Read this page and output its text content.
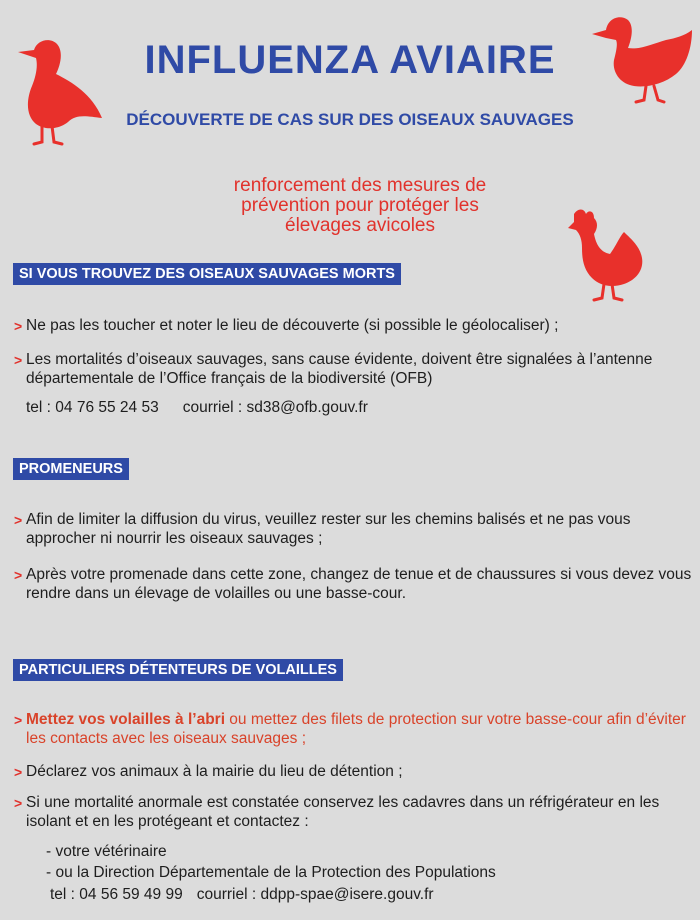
INFLUENZA AVIAIRE
DÉCOUVERTE DE CAS SUR DES OISEAUX SAUVAGES
renforcement des mesures de
prévention pour protéger les
élevages avicoles
SI VOUS TROUVEZ DES OISEAUX SAUVAGES MORTS
> Ne pas les toucher et noter le lieu de découverte (si possible le géolocaliser) ;
> Les mortalités d’oiseaux sauvages, sans cause évidente, doivent être signalées à l’antenne départementale de l’Office français de la biodiversité (OFB)
tel : 04 76 55 24 53 courriel : sd38@ofb.gouv.fr
PROMENEURS
> Afin de limiter la diffusion du virus, veuillez rester sur les chemins balisés et ne pas vous approcher ni nourrir les oiseaux sauvages ;
> Après votre promenade dans cette zone, changez de tenue et de chaussures si vous devez vous rendre dans un élevage de volailles ou une basse-cour.
PARTICULIERS DÉTENTEURS DE VOLAILLES
> Mettez vos volailles à l’abri ou mettez des filets de protection sur votre basse-cour afin d’éviter les contacts avec les oiseaux sauvages ;
> Déclarez vos animaux à la mairie du lieu de détention ;
> Si une mortalité anormale est constatée conservez les cadavres dans un réfrigérateur en les isolant et en les protégeant et contactez :
- votre vétérinaire
- ou la Direction Départementale de la Protection des Populations
tel : 04 56 59 49 99 courriel : ddpp-spae@isere.gouv.fr
